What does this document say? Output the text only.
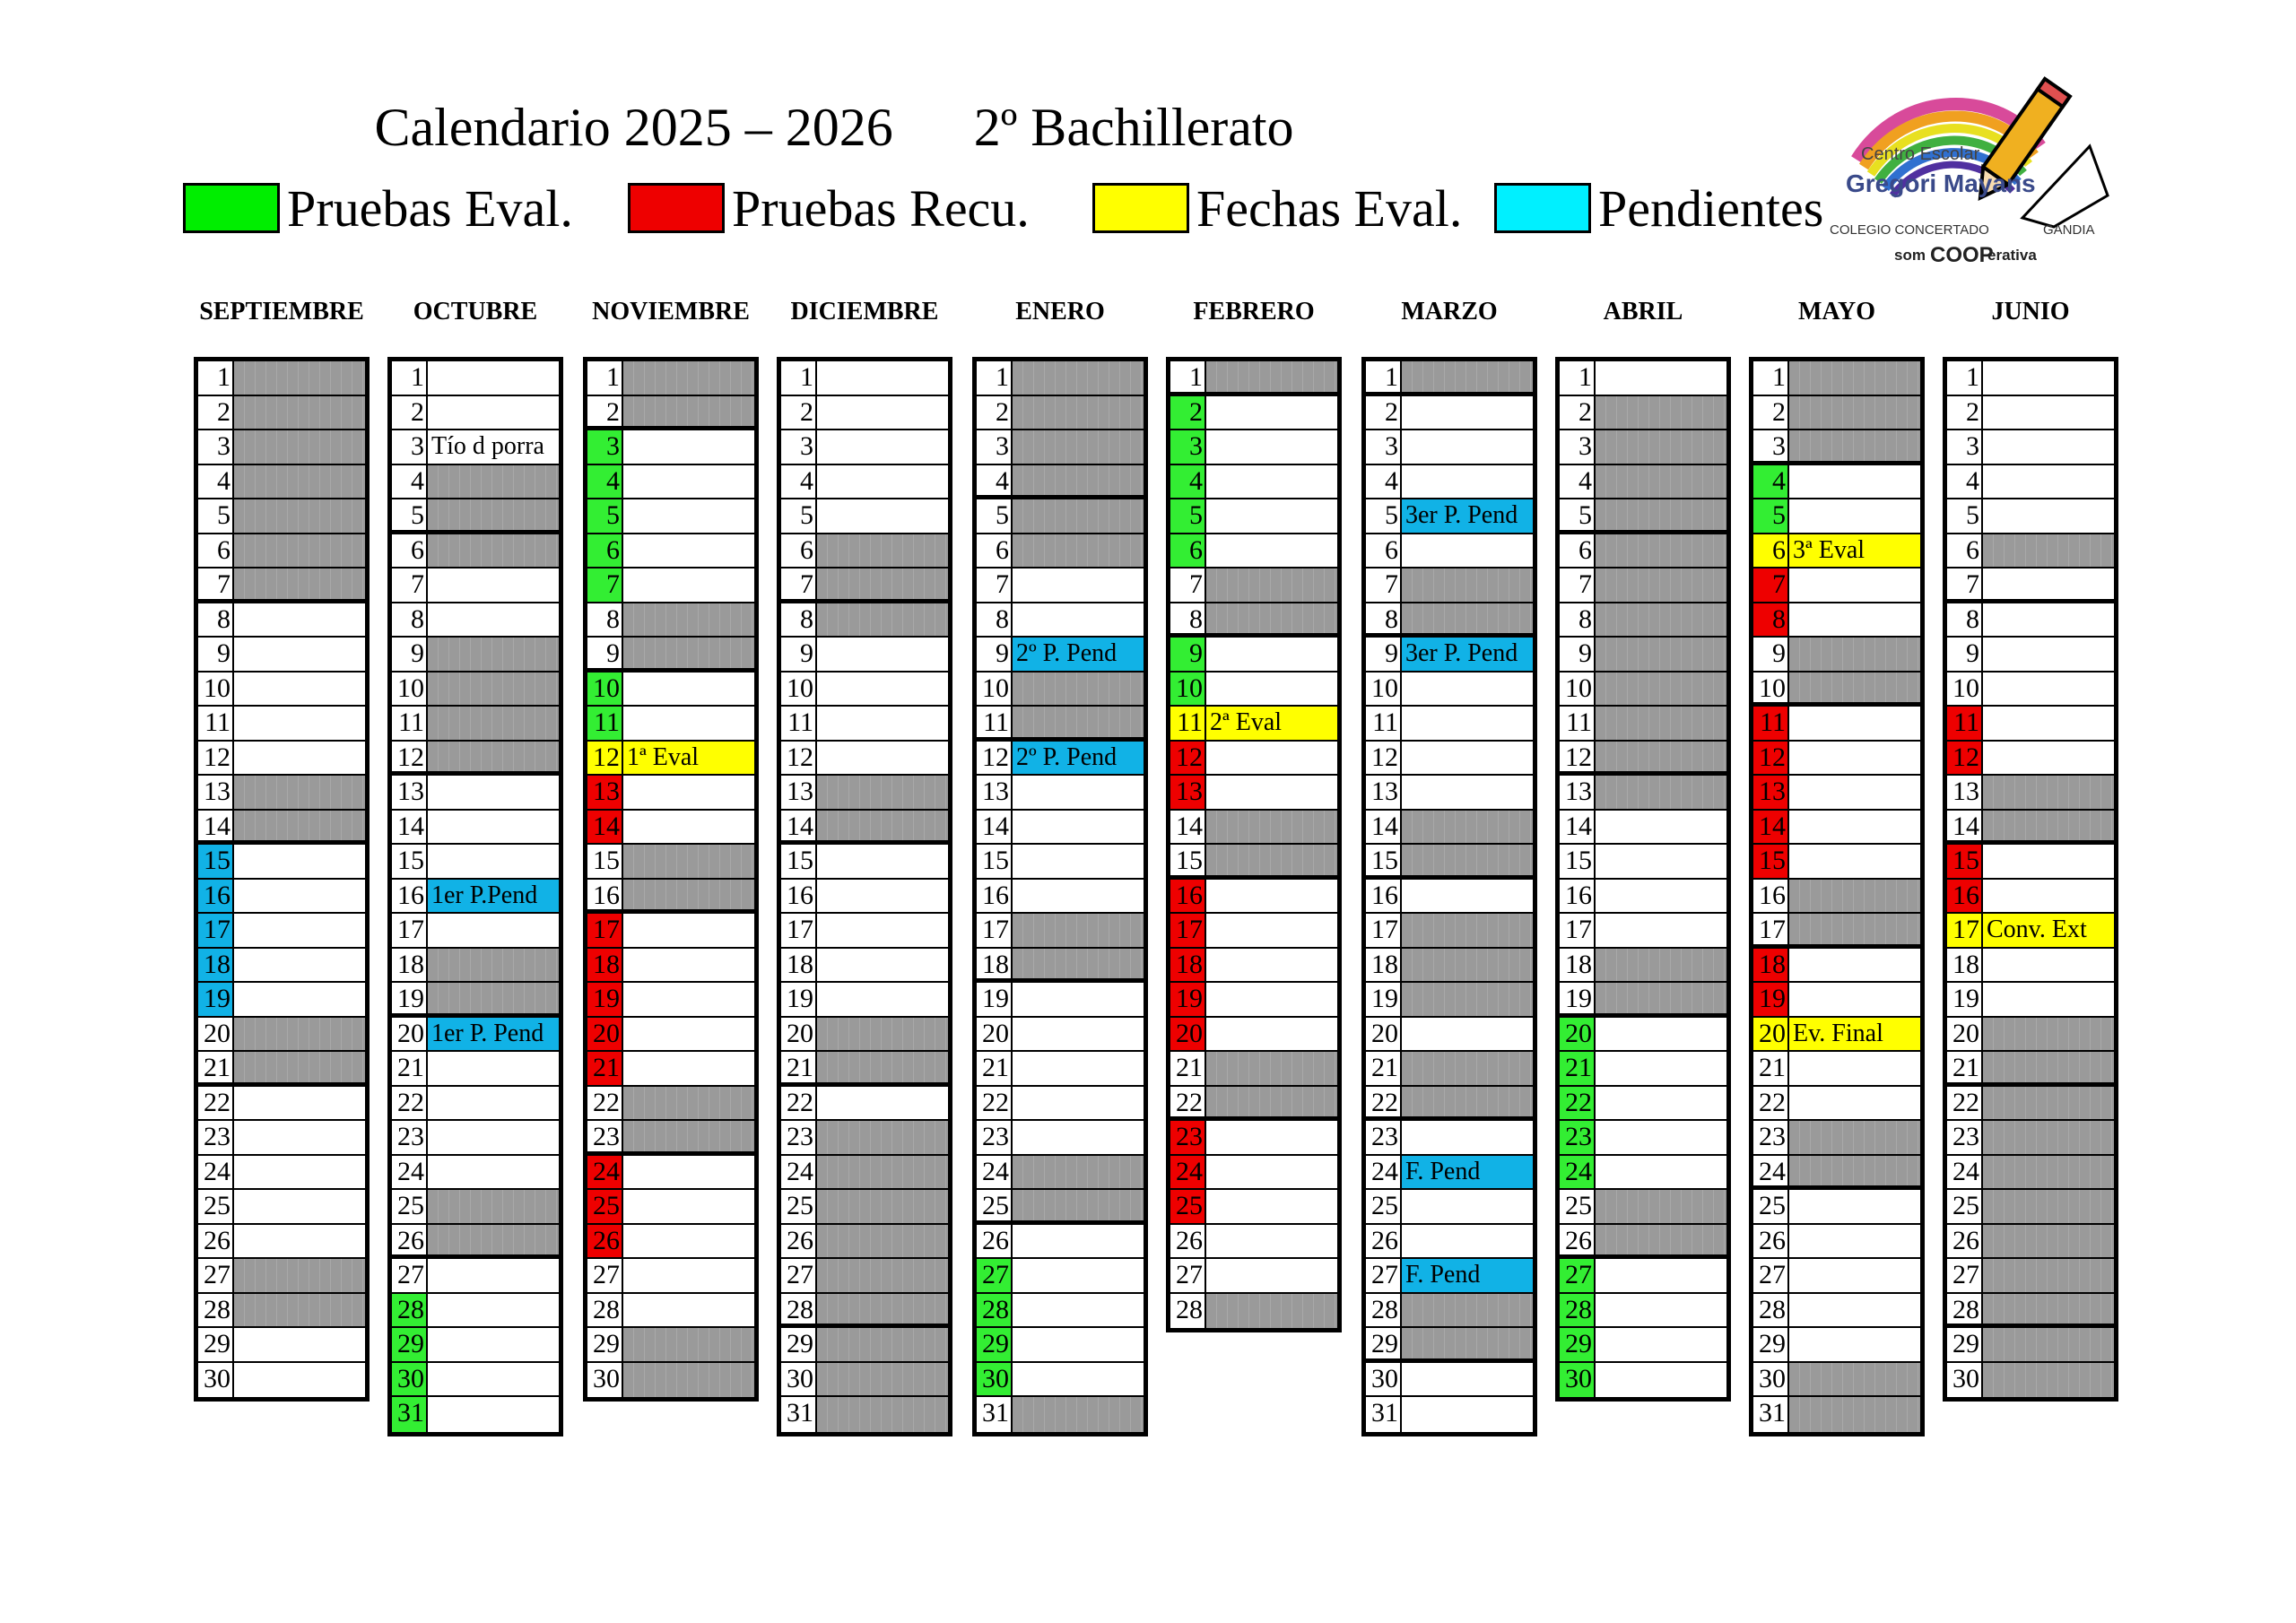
Calendario 2025 – 2026 2º Bachillerato
Pruebas Eval.	Pruebas Recu.	Fechas Eval.	Pendientes
Centro Escolar
Gregori Mayans
COLEGIO CONCERTADO	GANDIA
som COOP
erativa
SEPTIEMBRE
1
2
3
4
5
6
7
8
9
10
11
12
13
14
15
16
17
18
19
20
21
22
23
24
25
26
27
28
29
30
OCTUBRE
1
2
3 Tío d porra
4
5
6
7
8
9
10
11
12
13
14
15
16 1er P.Pend
17
18
19
20 1er P. Pend
21
22
23
24
25
26
27
28
29
30
31
NOVIEMBRE
1
2
3
4
5
6
7
8
9
10
11
12 1ª Eval
13
14
15
16
17
18
19
20
21
22
23
24
25
26
27
28
29
30
DICIEMBRE
1
2
3
4
5
6
7
8
9
10
11
12
13
14
15
16
17
18
19
20
21
22
23
24
25
26
27
28
29
30
31
ENERO
1
2
3
4
5
6
7
8
9 2º P. Pend
10
11
12 2º P. Pend
13
14
15
16
17
18
19
20
21
22
23
24
25
26
27
28
29
30
31
FEBRERO
1
2
3
4
5
6
7
8
9
10
11 2ª Eval
12
13
14
15
16
17
18
19
20
21
22
23
24
25
26
27
28
MARZO
1
2
3
4
5 3er P. Pend
6
7
8
9 3er P. Pend
10
11
12
13
14
15
16
17
18
19
20
21
22
23
24 F. Pend
25
26
27 F. Pend
28
29
30
31
ABRIL
1
2
3
4
5
6
7
8
9
10
11
12
13
14
15
16
17
18
19
20
21
22
23
24
25
26
27
28
29
30
MAYO
1
2
3
4
5
6 3ª Eval
7
8
9
10
11
12
13
14
15
16
17
18
19
20 Ev. Final
21
22
23
24
25
26
27
28
29
30
31
JUNIO
1
2
3
4
5
6
7
8
9
10
11
12
13
14
15
16
17 Conv. Ext
18
19
20
21
22
23
24
25
26
27
28
29
30
